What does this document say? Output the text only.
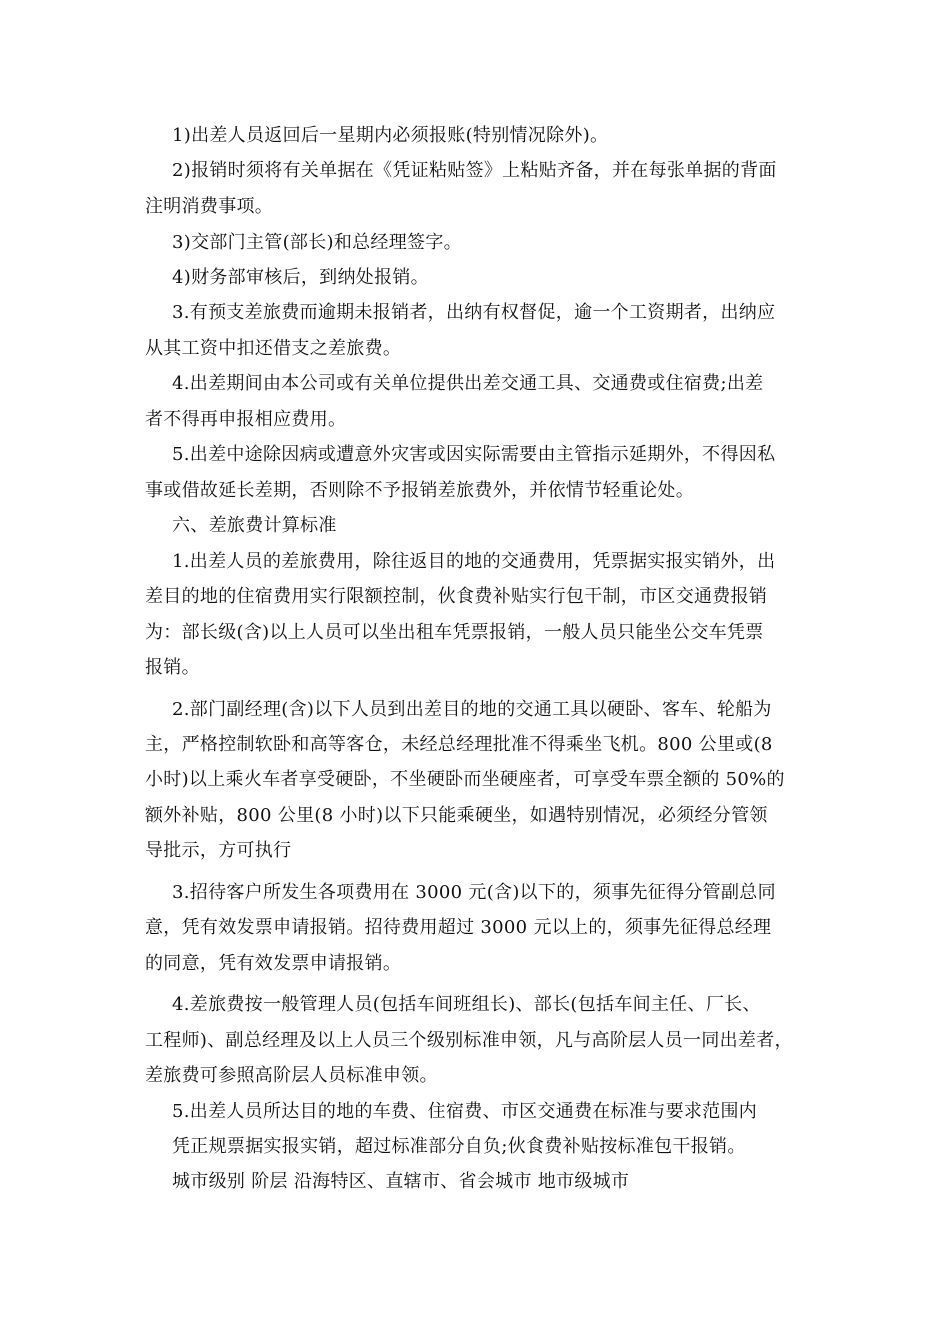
1)出差人员返回后一星期内必须报账(特别情况除外)。
2)报销时须将有关单据在《凭证粘贴签》上粘贴齐备，并在每张单据的背面
注明消费事项。
3)交部门主管(部长)和总经理签字。
4)财务部审核后，到纳处报销。
3.有预支差旅费而逾期未报销者，出纳有权督促，逾一个工资期者，出纳应
从其工资中扣还借支之差旅费。
4.出差期间由本公司或有关单位提供出差交通工具、交通费或住宿费;出差
者不得再申报相应费用。
5.出差中途除因病或遭意外灾害或因实际需要由主管指示延期外，不得因私
事或借故延长差期，否则除不予报销差旅费外，并依情节轻重论处。
六、差旅费计算标准
1.出差人员的差旅费用，除往返目的地的交通费用，凭票据实报实销外，出
差目的地的住宿费用实行限额控制，伙食费补贴实行包干制，市区交通费报销
为：部长级(含)以上人员可以坐出租车凭票报销，一般人员只能坐公交车凭票
报销。
2.部门副经理(含)以下人员到出差目的地的交通工具以硬卧、客车、轮船为
主，严格控制软卧和高等客仓，未经总经理批准不得乘坐飞机。800 公里或(8
小时)以上乘火车者享受硬卧，不坐硬卧而坐硬座者，可享受车票全额的 50%的
额外补贴，800 公里(8 小时)以下只能乘硬坐，如遇特别情况，必须经分管领
导批示，方可执行
3.招待客户所发生各项费用在 3000 元(含)以下的，须事先征得分管副总同
意，凭有效发票申请报销。招待费用超过 3000 元以上的，须事先征得总经理
的同意，凭有效发票申请报销。
4.差旅费按一般管理人员(包括车间班组长)、部长(包括车间主任、厂长、
工程师)、副总经理及以上人员三个级别标准申领，凡与高阶层人员一同出差者，
差旅费可参照高阶层人员标准申领。
5.出差人员所达目的地的车费、住宿费、市区交通费在标准与要求范围内
凭正规票据实报实销，超过标准部分自负;伙食费补贴按标准包干报销。
城市级别 阶层 沿海特区、直辖市、省会城市 地市级城市
